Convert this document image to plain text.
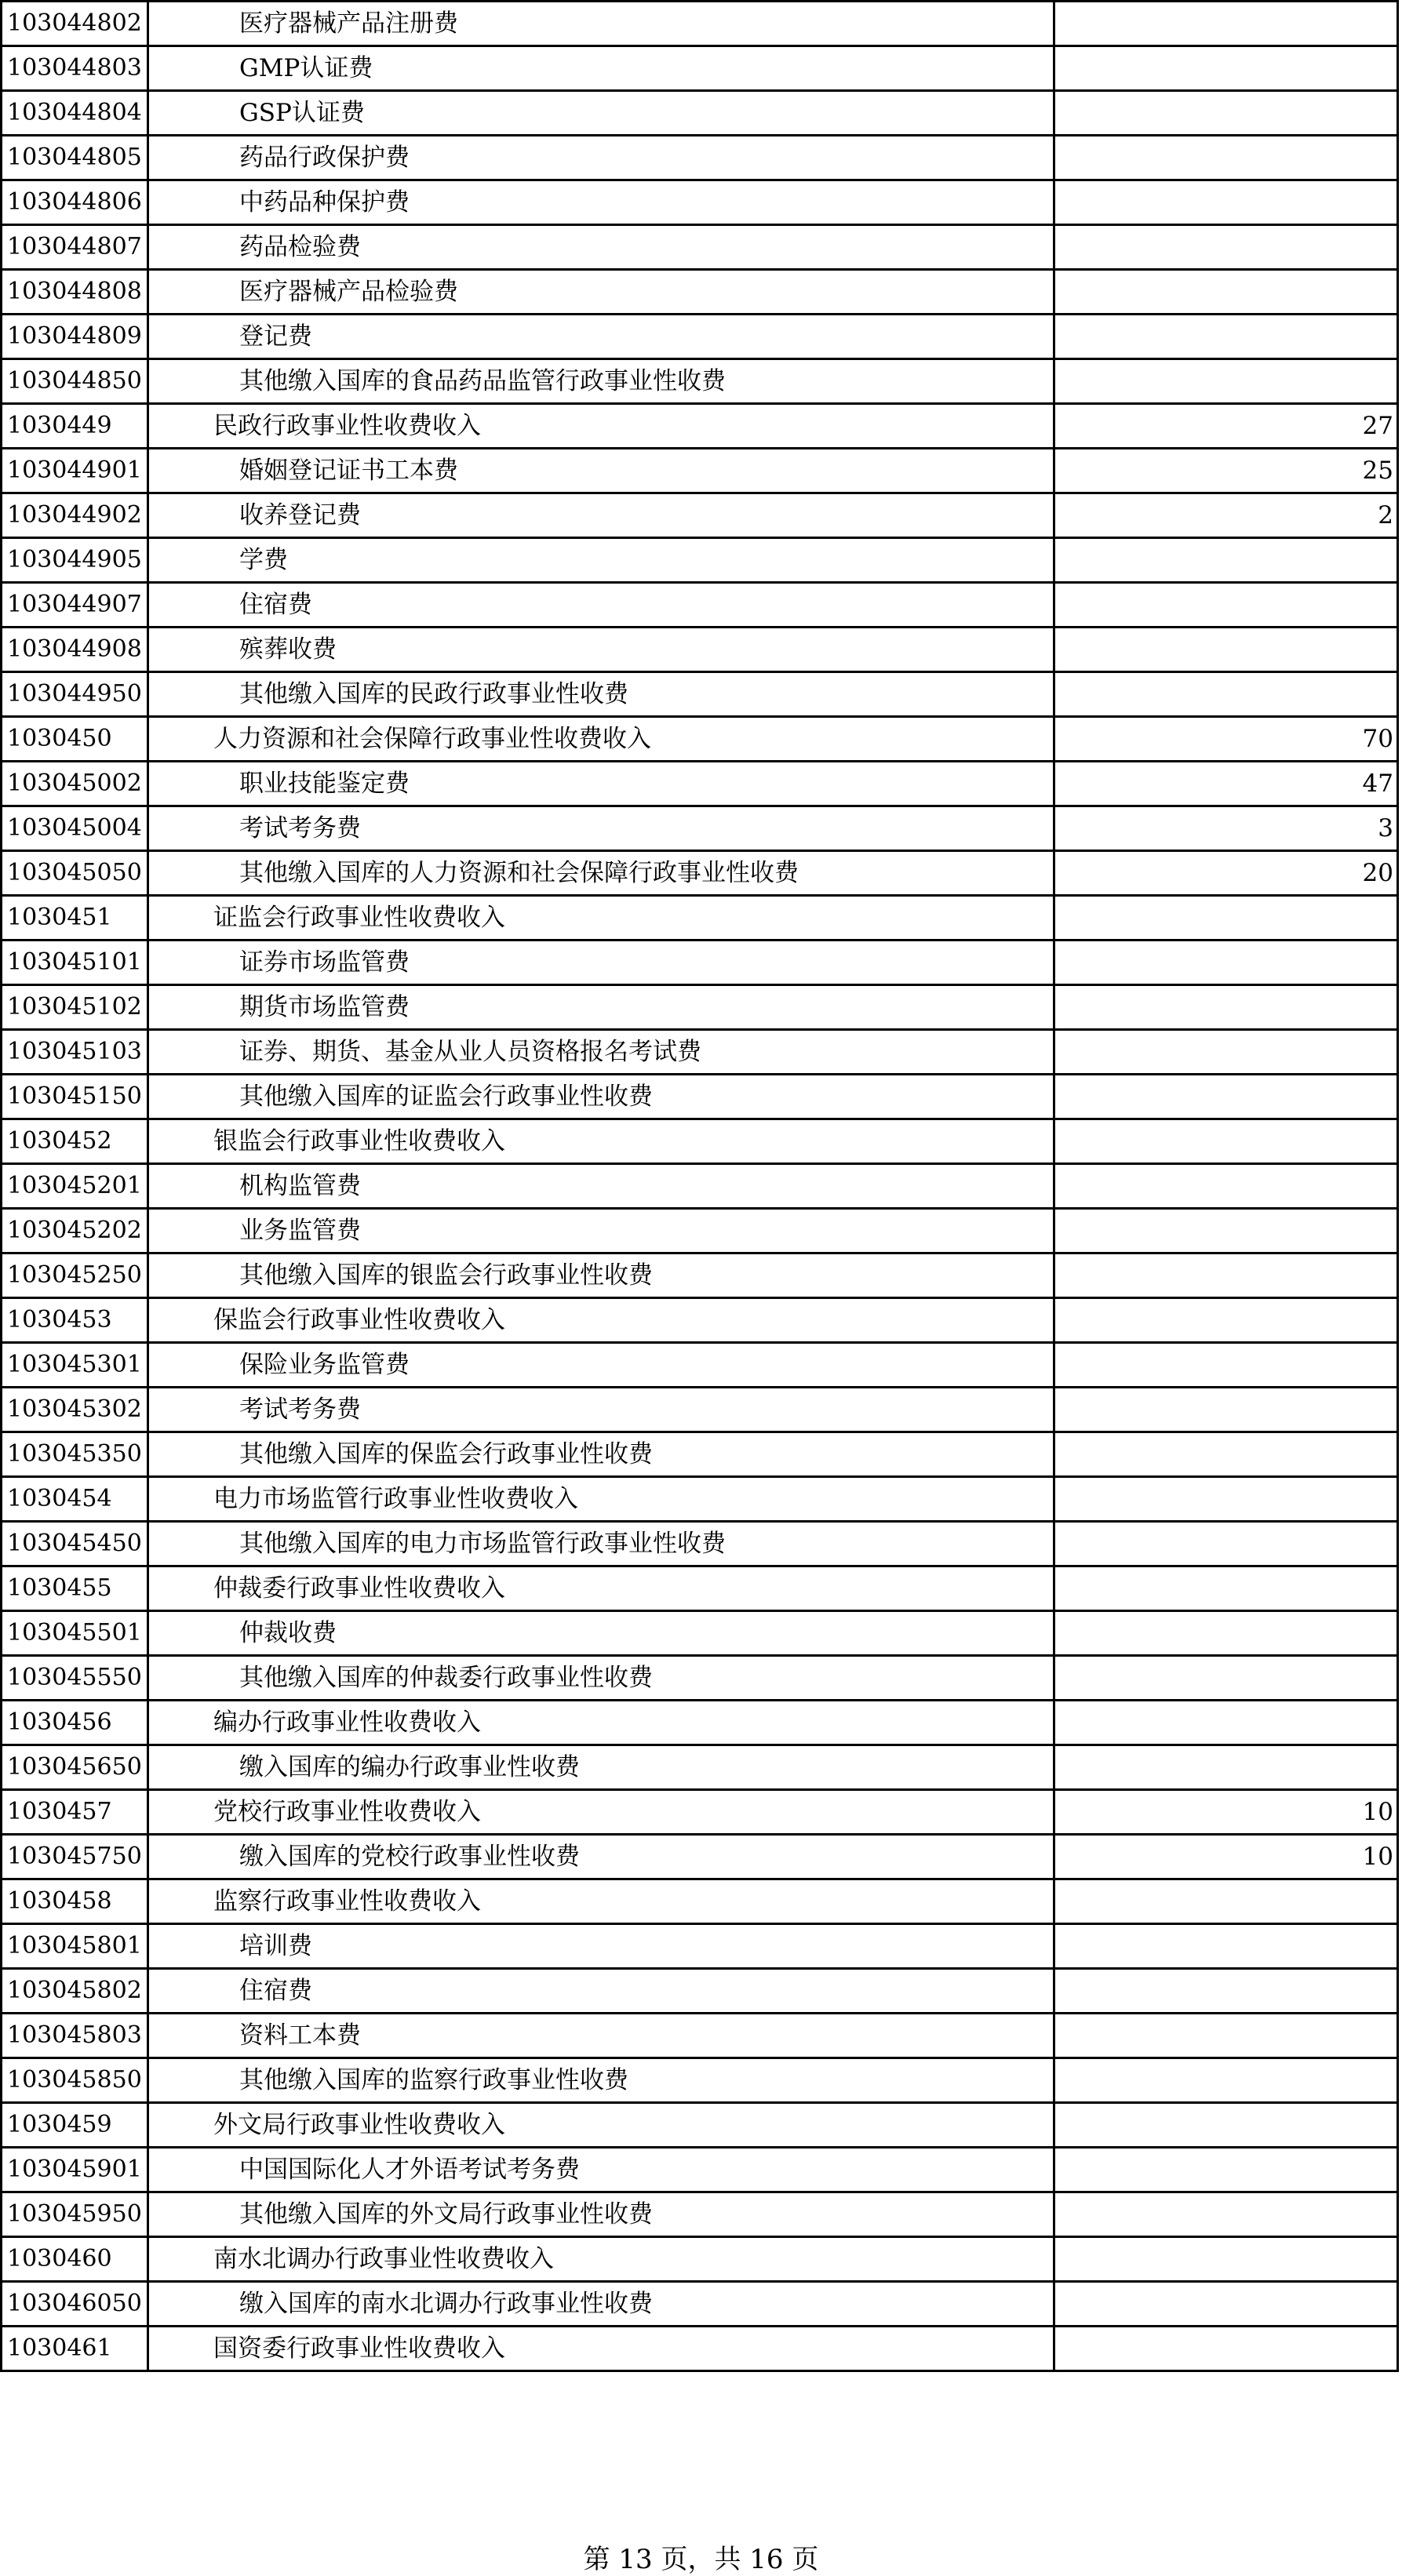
103044802	医疗器械产品注册费	
103044803	GMP认证费	
103044804	GSP认证费	
103044805	药品行政保护费	
103044806	中药品种保护费	
103044807	药品检验费	
103044808	医疗器械产品检验费	
103044809	登记费	
103044850	其他缴入国库的食品药品监管行政事业性收费	
1030449	民政行政事业性收费收入	27
103044901	婚姻登记证书工本费	25
103044902	收养登记费	2
103044905	学费	
103044907	住宿费	
103044908	殡葬收费	
103044950	其他缴入国库的民政行政事业性收费	
1030450	人力资源和社会保障行政事业性收费收入	70
103045002	职业技能鉴定费	47
103045004	考试考务费	3
103045050	其他缴入国库的人力资源和社会保障行政事业性收费	20
1030451	证监会行政事业性收费收入	
103045101	证券市场监管费	
103045102	期货市场监管费	
103045103	证券、期货、基金从业人员资格报名考试费	
103045150	其他缴入国库的证监会行政事业性收费	
1030452	银监会行政事业性收费收入	
103045201	机构监管费	
103045202	业务监管费	
103045250	其他缴入国库的银监会行政事业性收费	
1030453	保监会行政事业性收费收入	
103045301	保险业务监管费	
103045302	考试考务费	
103045350	其他缴入国库的保监会行政事业性收费	
1030454	电力市场监管行政事业性收费收入	
103045450	其他缴入国库的电力市场监管行政事业性收费	
1030455	仲裁委行政事业性收费收入	
103045501	仲裁收费	
103045550	其他缴入国库的仲裁委行政事业性收费	
1030456	编办行政事业性收费收入	
103045650	缴入国库的编办行政事业性收费	
1030457	党校行政事业性收费收入	10
103045750	缴入国库的党校行政事业性收费	10
1030458	监察行政事业性收费收入	
103045801	培训费	
103045802	住宿费	
103045803	资料工本费	
103045850	其他缴入国库的监察行政事业性收费	
1030459	外文局行政事业性收费收入	
103045901	中国国际化人才外语考试考务费	
103045950	其他缴入国库的外文局行政事业性收费	
1030460	南水北调办行政事业性收费收入	
103046050	缴入国库的南水北调办行政事业性收费	
1030461	国资委行政事业性收费收入	
第 13 页，共 16 页
